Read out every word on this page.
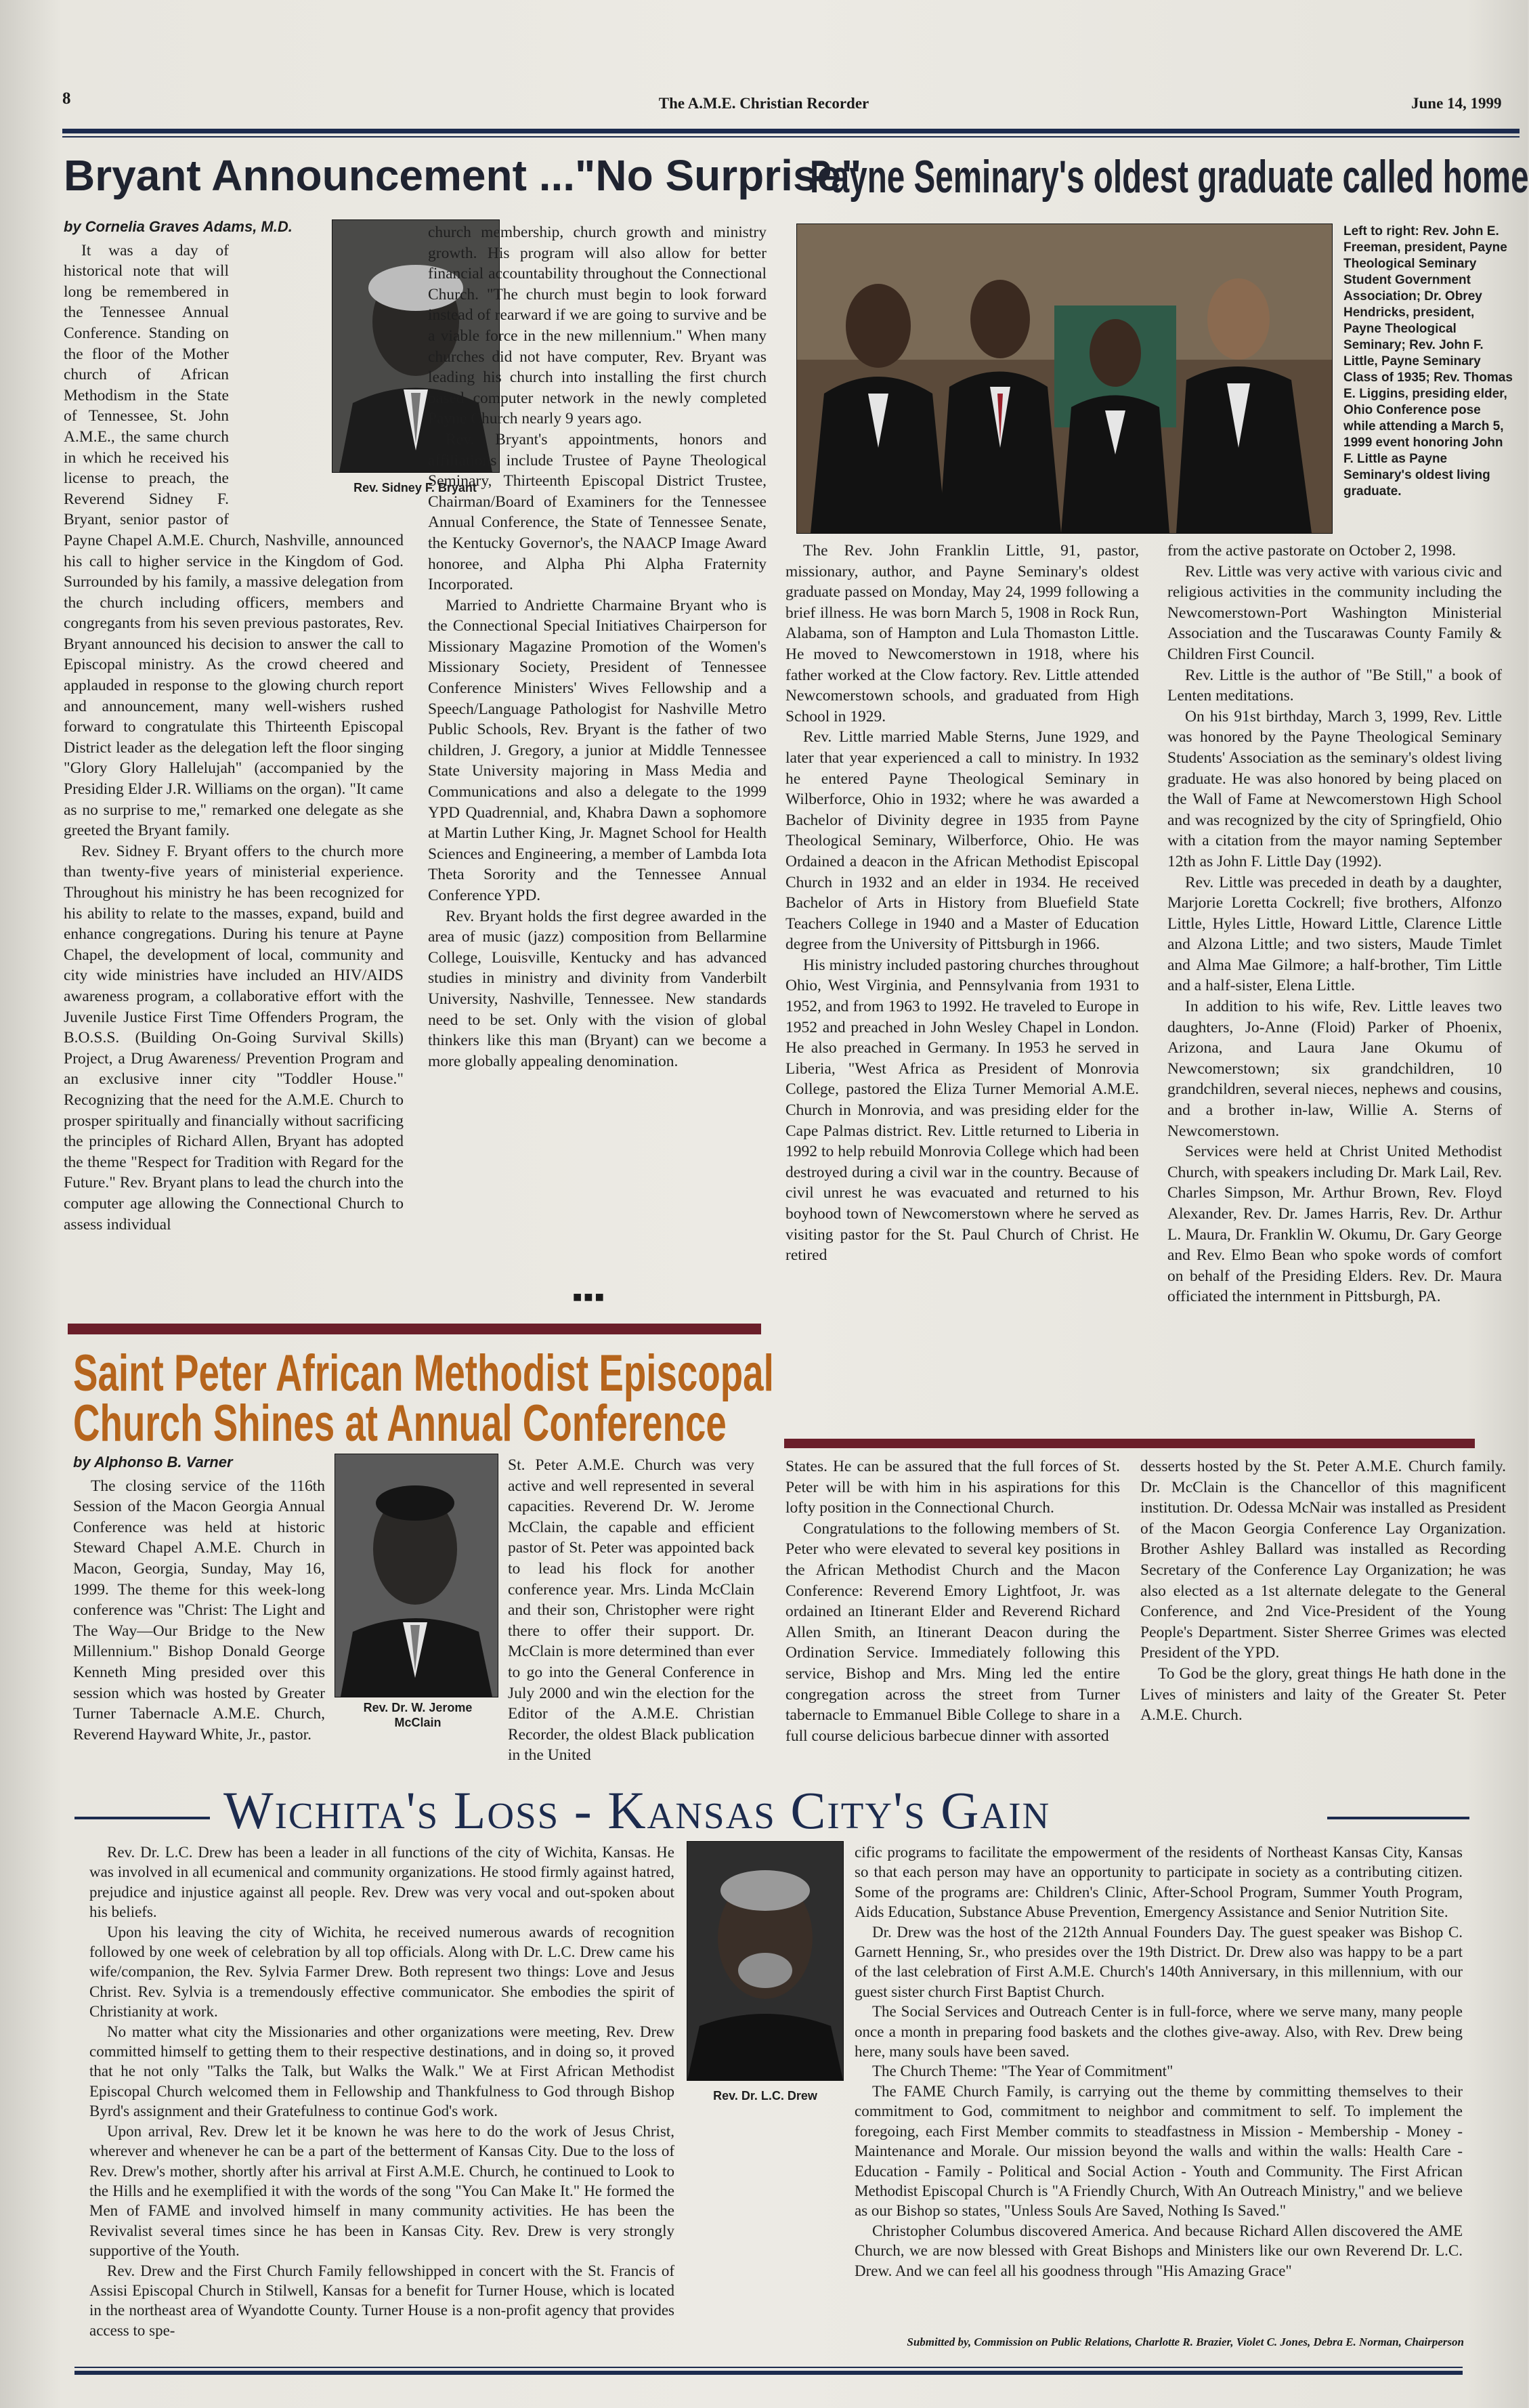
8	The A.M.E. Christian Recorder	June 14, 1999
Bryant Announcement ..."No Surprise"
Rev. Sidney F. Bryant
by Cornelia Graves Adams, M.D.

It was a day of historical note that will long be remembered in the Tennessee Annual Conference. Standing on the floor of the Mother church of African Methodism in the State of Tennessee, St. John A.M.E., the same church in which he received his license to preach, the Reverend Sidney F. Bryant, senior pastor of Payne Chapel A.M.E. Church, Nashville, announced his call to higher service in the Kingdom of God. Surrounded by his family, a massive delegation from the church including officers, members and congregants from his seven previous pastorates, Rev. Bryant announced his decision to answer the call to Episcopal ministry. As the crowd cheered and applauded in response to the glowing church report and announcement, many well-wishers rushed forward to congratulate this Thirteenth Episcopal District leader as the delegation left the floor singing "Glory Glory Hallelujah" (accompanied by the Presiding Elder J.R. Williams on the organ). "It came as no surprise to me," remarked one delegate as she greeted the Bryant family.

Rev. Sidney F. Bryant offers to the church more than twenty-five years of ministerial experience. Throughout his ministry he has been recognized for his ability to relate to the masses, expand, build and enhance congregations. During his tenure at Payne Chapel, the development of local, community and city wide ministries have included an HIV/AIDS awareness program, a collaborative effort with the Juvenile Justice First Time Offenders Program, the B.O.S.S. (Building On-Going Survival Skills) Project, a Drug Awareness/ Prevention Program and an exclusive inner city "Toddler House." Recognizing that the need for the A.M.E. Church to prosper spiritually and financially without sacrificing the principles of Richard Allen, Bryant has adopted the theme "Respect for Tradition with Regard for the Future." Rev. Bryant plans to lead the church into the computer age allowing the Connectional Church to assess individual

church membership, church growth and ministry growth. His program will also allow for better financial accountability throughout the Connectional Church. "The church must begin to look forward instead of rearward if we are going to survive and be a viable force in the new millennium." When many churches did not have computer, Rev. Bryant was leading his church into installing the first church based computer network in the newly completed Payne Church nearly 9 years ago.

Rev. Bryant's appointments, honors and affiliations include Trustee of Payne Theological Seminary, Thirteenth Episcopal District Trustee, Chairman/Board of Examiners for the Tennessee Annual Conference, the State of Tennessee Senate, the Kentucky Governor's, the NAACP Image Award honoree, and Alpha Phi Alpha Fraternity Incorporated.

Married to Andriette Charmaine Bryant who is the Connectional Special Initiatives Chairperson for Missionary Magazine Promotion of the Women's Missionary Society, President of Tennessee Conference Ministers' Wives Fellowship and a Speech/Language Pathologist for Nashville Metro Public Schools, Rev. Bryant is the father of two children, J. Gregory, a junior at Middle Tennessee State University majoring in Mass Media and Communications and also a delegate to the 1999 YPD Quadrennial, and, Khabra Dawn a sophomore at Martin Luther King, Jr. Magnet School for Health Sciences and Engineering, a member of Lambda Iota Theta Sorority and the Tennessee Annual Conference YPD.

Rev. Bryant holds the first degree awarded in the area of music (jazz) composition from Bellarmine College, Louisville, Kentucky and has advanced studies in ministry and divinity from Vanderbilt University, Nashville, Tennessee. New standards need to be set. Only with the vision of global thinkers like this man (Bryant) can we become a more globally appealing denomination.

■■■
Payne Seminary's oldest graduate called home
Left to right: Rev. John E. Freeman, president, Payne Theological Seminary Student Government Association; Dr. Obrey Hendricks, president, Payne Theological Seminary; Rev. John F. Little, Payne Seminary Class of 1935; Rev. Thomas E. Liggins, presiding elder, Ohio Conference pose while attending a March 5, 1999 event honoring John F. Little as Payne Seminary's oldest living graduate.

The Rev. John Franklin Little, 91, pastor, missionary, author, and Payne Seminary's oldest graduate passed on Monday, May 24, 1999 following a brief illness. He was born March 5, 1908 in Rock Run, Alabama, son of Hampton and Lula Thomaston Little. He moved to Newcomerstown in 1918, where his father worked at the Clow factory. Rev. Little attended Newcomerstown schools, and graduated from High School in 1929.

Rev. Little married Mable Sterns, June 1929, and later that year experienced a call to ministry. In 1932 he entered Payne Theological Seminary in Wilberforce, Ohio in 1932; where he was awarded a Bachelor of Divinity degree in 1935 from Payne Theological Seminary, Wilberforce, Ohio. He was Ordained a deacon in the African Methodist Episcopal Church in 1932 and an elder in 1934. He received Bachelor of Arts in History from Bluefield State Teachers College in 1940 and a Master of Education degree from the University of Pittsburgh in 1966.

His ministry included pastoring churches throughout Ohio, West Virginia, and Pennsylvania from 1931 to 1952, and from 1963 to 1992. He traveled to Europe in 1952 and preached in John Wesley Chapel in London. He also preached in Germany. In 1953 he served in Liberia, "West Africa as President of Monrovia College, pastored the Eliza Turner Memorial A.M.E. Church in Monrovia, and was presiding elder for the Cape Palmas district. Rev. Little returned to Liberia in 1992 to help rebuild Monrovia College which had been destroyed during a civil war in the country. Because of civil unrest he was evacuated and returned to his boyhood town of Newcomerstown where he served as visiting pastor for the St. Paul Church of Christ. He retired

from the active pastorate on October 2, 1998.

Rev. Little was very active with various civic and religious activities in the community including the Newcomerstown-Port Washington Ministerial Association and the Tuscarawas County Family & Children First Council.

Rev. Little is the author of "Be Still," a book of Lenten meditations.

On his 91st birthday, March 3, 1999, Rev. Little was honored by the Payne Theological Seminary Students' Association as the seminary's oldest living graduate. He was also honored by being placed on the Wall of Fame at Newcomerstown High School and was recognized by the city of Springfield, Ohio with a citation from the mayor naming September 12th as John F. Little Day (1992).

Rev. Little was preceded in death by a daughter, Marjorie Loretta Cockrell; five brothers, Alfonzo Little, Hyles Little, Howard Little, Clarence Little and Alzona Little; and two sisters, Maude Timlet and Alma Mae Gilmore; a half-brother, Tim Little and a half-sister, Elena Little.

In addition to his wife, Rev. Little leaves two daughters, Jo-Anne (Floid) Parker of Phoenix, Arizona, and Laura Jane Okumu of Newcomerstown; six grandchildren, 10 grandchildren, several nieces, nephews and cousins, and a brother in-law, Willie A. Sterns of Newcomerstown.

Services were held at Christ United Methodist Church, with speakers including Dr. Mark Lail, Rev. Charles Simpson, Mr. Arthur Brown, Rev. Floyd Alexander, Rev. Dr. James Harris, Rev. Dr. Arthur L. Maura, Dr. Franklin W. Okumu, Dr. Gary George and Rev. Elmo Bean who spoke words of comfort on behalf of the Presiding Elders. Rev. Dr. Maura officiated the internment in Pittsburgh, PA.

Saint Peter African Methodist Episcopal
Church Shines at Annual Conference
Rev. Dr. W. Jerome McClain
by Alphonso B. Varner

The closing service of the 116th Session of the Macon Georgia Annual Conference was held at historic Steward Chapel A.M.E. Church in Macon, Georgia, Sunday, May 16, 1999. The theme for this week-long conference was "Christ: The Light and The Way—Our Bridge to the New Millennium." Bishop Donald George Kenneth Ming presided over this session which was hosted by Greater Turner Tabernacle A.M.E. Church, Reverend Hayward White, Jr., pastor.

St. Peter A.M.E. Church was very active and well represented in several capacities. Reverend Dr. W. Jerome McClain, the capable and efficient pastor of St. Peter was appointed back to lead his flock for another conference year. Mrs. Linda McClain and their son, Christopher were right there to offer their support. Dr. McClain is more determined than ever to go into the General Conference in July 2000 and win the election for the Editor of the A.M.E. Christian Recorder, the oldest Black publication in the United

States. He can be assured that the full forces of St. Peter will be with him in his aspirations for this lofty position in the Connectional Church.

Congratulations to the following members of St. Peter who were elevated to several key positions in the African Methodist Church and the Macon Conference: Reverend Emory Lightfoot, Jr. was ordained an Itinerant Elder and Reverend Richard Allen Smith, an Itinerant Deacon during the Ordination Service. Immediately following this service, Bishop and Mrs. Ming led the entire congregation across the street from Turner tabernacle to Emmanuel Bible College to share in a full course delicious barbecue dinner with assorted

desserts hosted by the St. Peter A.M.E. Church family. Dr. McClain is the Chancellor of this magnificent institution. Dr. Odessa McNair was installed as President of the Macon Georgia Conference Lay Organization. Brother Ashley Ballard was installed as Recording Secretary of the Conference Lay Organization; he was also elected as a 1st alternate delegate to the General Conference, and 2nd Vice-President of the Young People's Department. Sister Sherree Grimes was elected President of the YPD.

To God be the glory, great things He hath done in the Lives of ministers and laity of the Greater St. Peter A.M.E. Church.

Wichita's Loss - Kansas City's Gain
Rev. Dr. L.C. Drew

Rev. Dr. L.C. Drew has been a leader in all functions of the city of Wichita, Kansas. He was involved in all ecumenical and community organizations. He stood firmly against hatred, prejudice and injustice against all people. Rev. Drew was very vocal and out-spoken about his beliefs.

Upon his leaving the city of Wichita, he received numerous awards of recognition followed by one week of celebration by all top officials. Along with Dr. L.C. Drew came his wife/companion, the Rev. Sylvia Farmer Drew. Both represent two things: Love and Jesus Christ. Rev. Sylvia is a tremendously effective communicator. She embodies the spirit of Christianity at work.

No matter what city the Missionaries and other organizations were meeting, Rev. Drew committed himself to getting them to their respective destinations, and in doing so, it proved that he not only "Talks the Talk, but Walks the Walk." We at First African Methodist Episcopal Church welcomed them in Fellowship and Thankfulness to God through Bishop Byrd's assignment and their Gratefulness to continue God's work.

Upon arrival, Rev. Drew let it be known he was here to do the work of Jesus Christ, wherever and whenever he can be a part of the betterment of Kansas City. Due to the loss of Rev. Drew's mother, shortly after his arrival at First A.M.E. Church, he continued to Look to the Hills and he exemplified it with the words of the song "You Can Make It." He formed the Men of FAME and involved himself in many community activities. He has been the Revivalist several times since he has been in Kansas City. Rev. Drew is very strongly supportive of the Youth.

Rev. Drew and the First Church Family fellowshipped in concert with the St. Francis of Assisi Episcopal Church in Stilwell, Kansas for a benefit for Turner House, which is located in the northeast area of Wyandotte County. Turner House is a non-profit agency that provides access to spe-

cific programs to facilitate the empowerment of the residents of Northeast Kansas City, Kansas so that each person may have an opportunity to participate in society as a contributing citizen. Some of the programs are: Children's Clinic, After-School Program, Summer Youth Program, Aids Education, Substance Abuse Prevention, Emergency Assistance and Senior Nutrition Site.

Dr. Drew was the host of the 212th Annual Founders Day. The guest speaker was Bishop C. Garnett Henning, Sr., who presides over the 19th District. Dr. Drew also was happy to be a part of the last celebration of First A.M.E. Church's 140th Anniversary, in this millennium, with our guest sister church First Baptist Church.

The Social Services and Outreach Center is in full-force, where we serve many, many people once a month in preparing food baskets and the clothes give-away. Also, with Rev. Drew being here, many souls have been saved.

The Church Theme: "The Year of Commitment"

The FAME Church Family, is carrying out the theme by committing themselves to their commitment to God, commitment to neighbor and commitment to self. To implement the foregoing, each First Member commits to steadfastness in Mission - Membership - Money - Maintenance and Morale. Our mission beyond the walls and within the walls: Health Care - Education - Family - Political and Social Action - Youth and Community. The First African Methodist Episcopal Church is "A Friendly Church, With An Outreach Ministry," and we believe as our Bishop so states, "Unless Souls Are Saved, Nothing Is Saved."

Christopher Columbus discovered America. And because Richard Allen discovered the AME Church, we are now blessed with Great Bishops and Ministers like our own Reverend Dr. L.C. Drew. And we can feel all his goodness through "His Amazing Grace"

Submitted by, Commission on Public Relations, Charlotte R. Brazier, Violet C. Jones, Debra E. Norman, Chairperson
